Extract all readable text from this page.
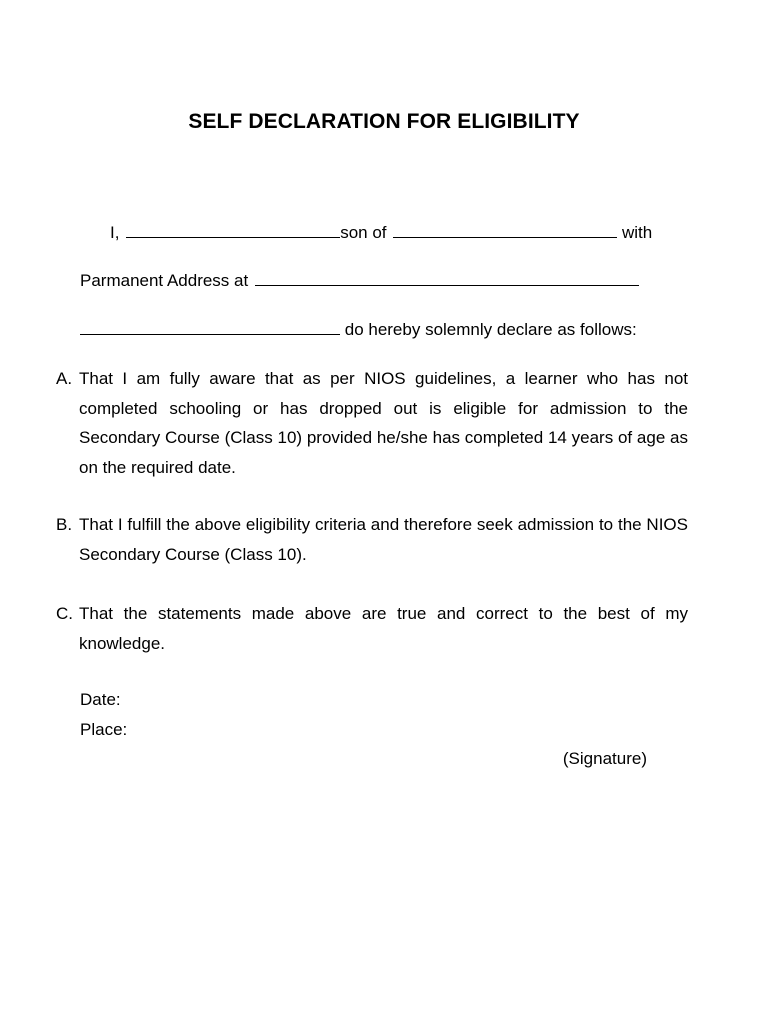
SELF DECLARATION FOR ELIGIBILITY
I,	son of	with
Parmanent Address at
do hereby solemnly declare as follows:
A. That I am fully aware that as per NIOS guidelines, a learner who has not completed schooling or has dropped out is eligible for admission to the Secondary Course (Class 10) provided he/she has completed 14 years of age as on the required date.
B. That I fulfill the above eligibility criteria and therefore seek admission to the NIOS Secondary Course (Class 10).
C. That the statements made above are true and correct to the best of my knowledge.
Date:
Place:
(Signature)
